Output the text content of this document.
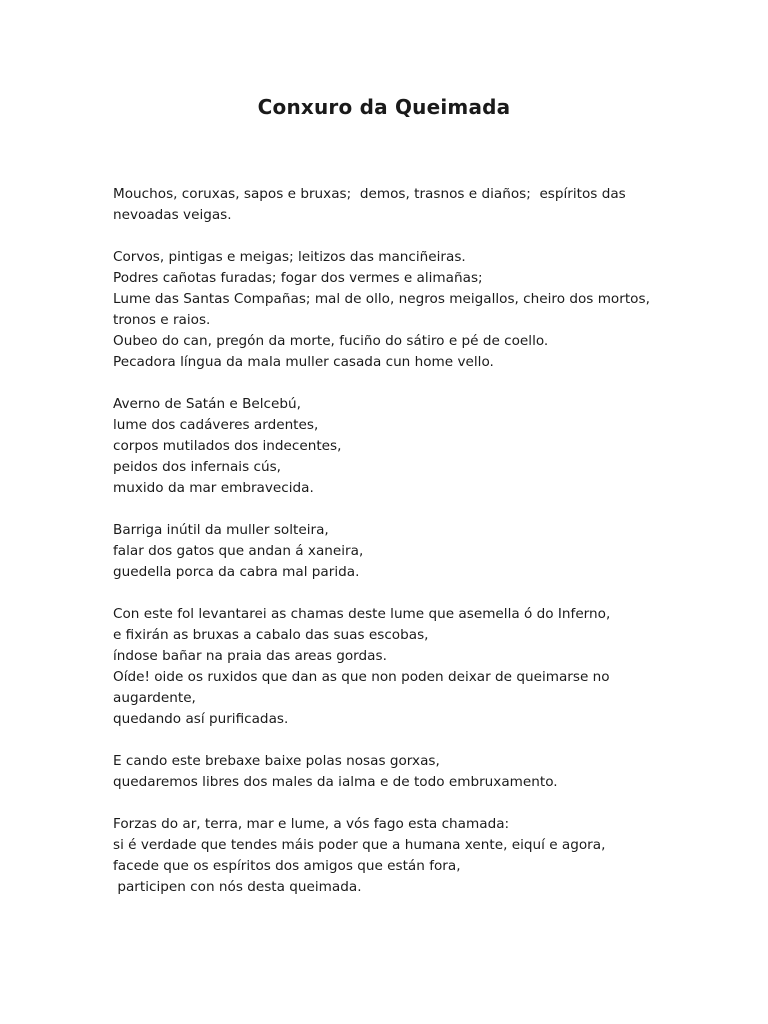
Conxuro da Queimada
Mouchos, coruxas, sapos e bruxas;  demos, trasnos e diaños;  espíritos das nevoadas veigas.
Corvos, pintigas e meigas; leitizos das manciñeiras.
Podres cañotas furadas; fogar dos vermes e alimañas;
Lume das Santas Compañas; mal de ollo, negros meigallos, cheiro dos mortos, tronos e raios.
Oubeo do can, pregón da morte, fuciño do sátiro e pé de coello.
Pecadora língua da mala muller casada cun home vello.
Averno de Satán e Belcebú,
lume dos cadáveres ardentes,
corpos mutilados dos indecentes,
peidos dos infernais cús,
muxido da mar embravecida.
Barriga inútil da muller solteira,
falar dos gatos que andan á xaneira,
guedella porca da cabra mal parida.
Con este fol levantarei as chamas deste lume que asemella ó do Inferno,
e fixirán as bruxas a cabalo das suas escobas,
índose bañar na praia das areas gordas.
Oíde! oide os ruxidos que dan as que non poden deixar de queimarse no augardente,
quedando así purificadas.
E cando este brebaxe baixe polas nosas gorxas,
quedaremos libres dos males da ialma e de todo embruxamento.
Forzas do ar, terra, mar e lume, a vós fago esta chamada:
si é verdade que tendes máis poder que a humana xente, eiquí e agora,
facede que os espíritos dos amigos que están fora,
participen con nós desta queimada.
